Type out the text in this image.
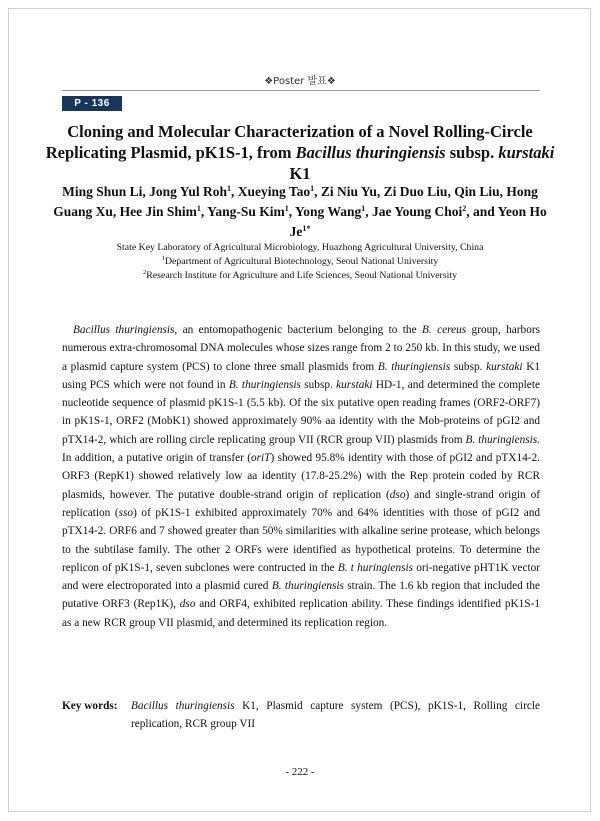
❖Poster 발표❖
P - 136
Cloning and Molecular Characterization of a Novel Rolling-Circle
Replicating Plasmid, pK1S-1, from Bacillus thuringiensis subsp. kurstaki K1
Ming Shun Li, Jong Yul Roh$^1$, Xueying Tao$^1$, Zi Niu Yu, Zi Duo Liu, Qin Liu, Hong Guang Xu, Hee Jin Shim$^1$, Yang-Su Kim$^1$, Yong Wang$^1$, Jae Young Choi$^2$, and Yeon Ho $Je^{1*}$
State Key Laboratory of Agricultural Microbiology, Huazhong Agricultural University, China
$^1$Department of Agricultural Biotechnology, Seoul National University
$^2$Research Institute for Agriculture and Life Sciences, Seoul National University

Bacillus thuringiensis, an entomopathogenic bacterium belonging to the B. cereus group, harbors numerous extra-chromosomal DNA molecules whose sizes range from 2 to 250 kb. In this study, we used a plasmid capture system (PCS) to clone three small plasmids from B. thuringiensis subsp. kurstaki K1 using PCS which were not found in B. thuringiensis subsp. kurstaki HD-1, and determined the complete nucleotide sequence of plasmid pK1S-1 (5.5 kb). Of the six putative open reading frames (ORF2-ORF7) in pK1S-1, ORF2 (MobK1) showed approximately 90% aa identity with the Mob-proteins of pGI2 and pTX14-2, which are rolling circle replicating group VII (RCR group VII) plasmids from B. thuringiensis. In addition, a putative origin of transfer (oriT) showed 95.8% identity with those of pGI2 and pTX14-2. ORF3 (RepK1) showed relatively low aa identity (17.8-25.2%) with the Rep protein coded by RCR plasmids, however. The putative double-strand origin of replication (dso) and single-strand origin of replication (sso) of pK1S-1 exhibited approximately 70% and 64% identities with those of pGI2 and pTX14-2. ORF6 and 7 showed greater than 50% similarities with alkaline serine protease, which belongs to the subtilase family. The other 2 ORFs were identified as hypothetical proteins. To determine the replicon of pK1S-1, seven subclones were contructed in the B. t huringiensis ori-negative pHT1K vector and were electroporated into a plasmid cured B. thuringiensis strain. The 1.6 kb region that included the putative ORF3 (Rep1K), dso and ORF4, exhibited replication ability. These findings identified pK1S-1 as a new RCR group VII plasmid, and determined its replication region.

Key words: Bacillus thuringiensis K1, Plasmid capture system (PCS), pK1S-1, Rolling circle replication, RCR group VII
- 222 -
